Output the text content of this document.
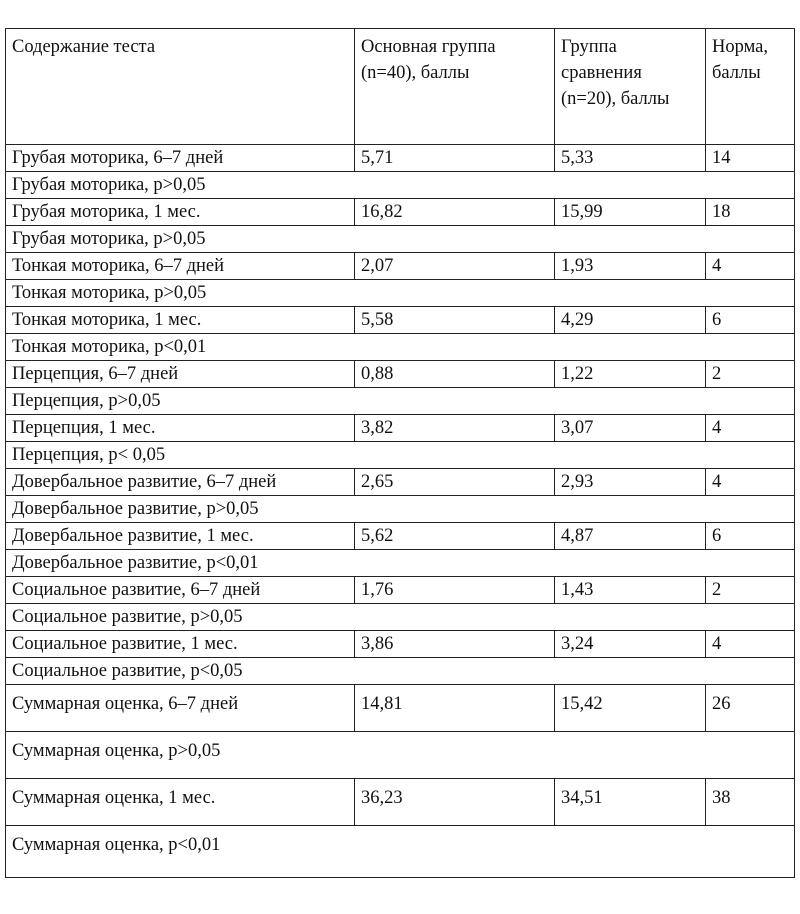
Содержание теста	Основная группа (n=40), баллы	Группа сравнения (n=20), баллы	Норма, баллы
Грубая моторика, 6–7 дней	5,71	5,33	14
Грубая моторика, p>0,05			
Грубая моторика, 1 мес.	16,82	15,99	18
Грубая моторика, p>0,05			
Тонкая моторика, 6–7 дней	2,07	1,93	4
Тонкая моторика, p>0,05			
Тонкая моторика, 1 мес.	5,58	4,29	6
Тонкая моторика, p<0,01			
Перцепция, 6–7 дней	0,88	1,22	2
Перцепция, p>0,05			
Перцепция, 1 мес.	3,82	3,07	4
Перцепция, p< 0,05			
Довербальное развитие, 6–7 дней	2,65	2,93	4
Довербальное развитие, p>0,05			
Довербальное развитие, 1 мес.	5,62	4,87	6
Довербальное развитие, p<0,01			
Социальное развитие, 6–7 дней	1,76	1,43	2
Социальное развитие, p>0,05			
Социальное развитие, 1 мес.	3,86	3,24	4
Социальное развитие, p<0,05			
Суммарная оценка, 6–7 дней	14,81	15,42	26
Суммарная оценка, p>0,05			
Суммарная оценка, 1 мес.	36,23	34,51	38
Суммарная оценка, p<0,01			
